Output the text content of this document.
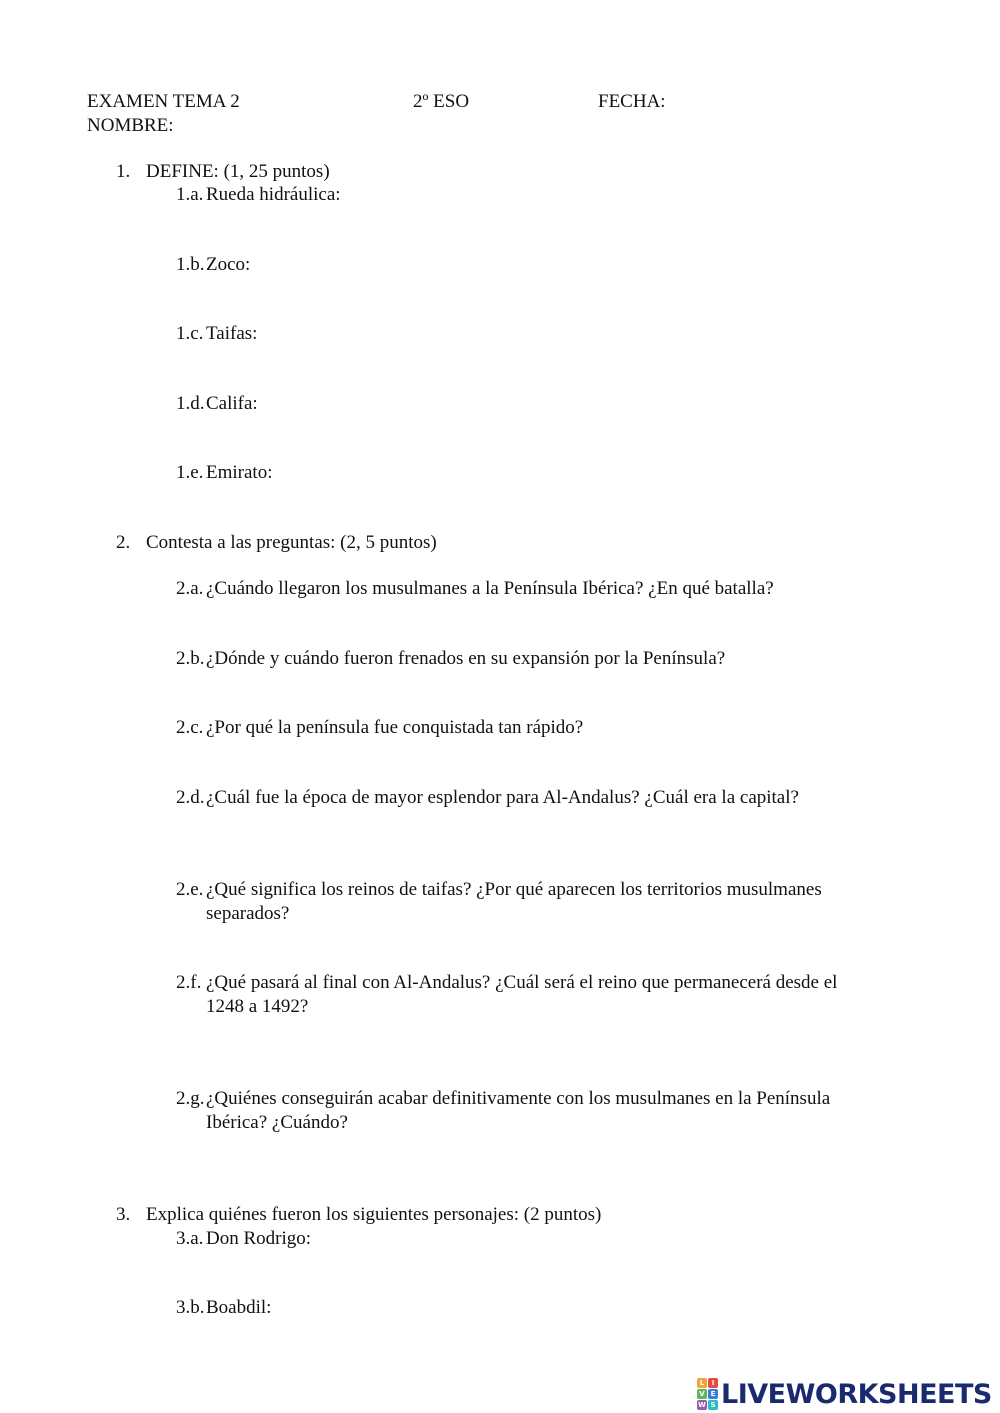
EXAMEN TEMA 2	2º ESO	FECHA:
NOMBRE:
1. DEFINE: (1, 25 puntos)
1.a. Rueda hidráulica:
1.b. Zoco:
1.c. Taifas:
1.d. Califa:
1.e. Emirato:
2. Contesta a las preguntas: (2, 5 puntos)
2.a. ¿Cuándo llegaron los musulmanes a la Península Ibérica? ¿En qué batalla?
2.b. ¿Dónde y cuándo fueron frenados en su expansión por la Península?
2.c. ¿Por qué la península fue conquistada tan rápido?
2.d. ¿Cuál fue la época de mayor esplendor para Al-Andalus? ¿Cuál era la capital?
2.e. ¿Qué significa los reinos de taifas? ¿Por qué aparecen los territorios musulmanes
separados?
2.f. ¿Qué pasará al final con Al-Andalus? ¿Cuál será el reino que permanecerá desde el
1248 a 1492?
2.g. ¿Quiénes conseguirán acabar definitivamente con los musulmanes en la Península
Ibérica? ¿Cuándo?
3. Explica quiénes fueron los siguientes personajes: (2 puntos)
3.a. Don Rodrigo:
3.b. Boabdil:
L	I
V E
W S LIVEWORKSHEETS
